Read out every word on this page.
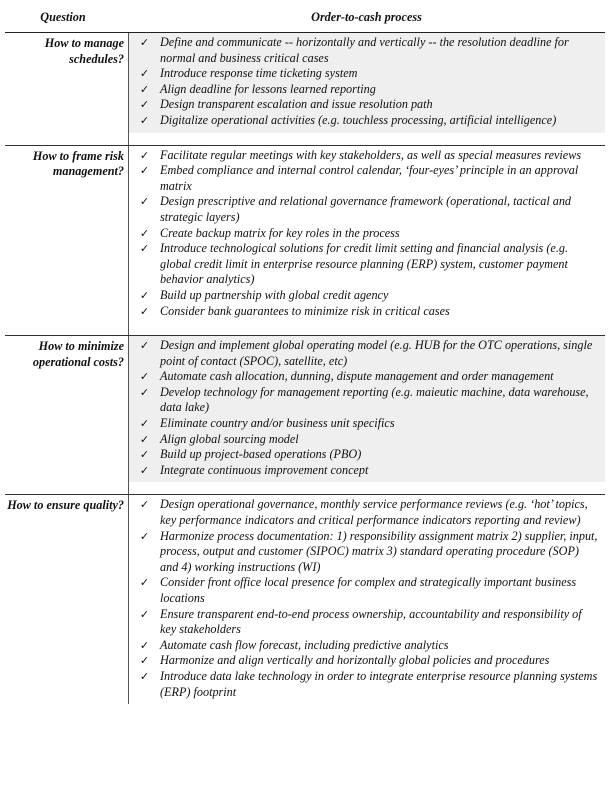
Question	Order-to-cash process
How to manage schedules?
✓ Define and communicate -- horizontally and vertically -- the resolution deadline for normal and business critical cases
✓ Introduce response time ticketing system
✓ Align deadline for lessons learned reporting
✓ Design transparent escalation and issue resolution path
✓ Digitalize operational activities (e.g. touchless processing, artificial intelligence)
How to frame risk management?
✓ Facilitate regular meetings with key stakeholders, as well as special measures reviews
✓ Embed compliance and internal control calendar, ‘four-eyes’ principle in an approval matrix
✓ Design prescriptive and relational governance framework (operational, tactical and strategic layers)
✓ Create backup matrix for key roles in the process
✓ Introduce technological solutions for credit limit setting and financial analysis (e.g. global credit limit in enterprise resource planning (ERP) system, customer payment behavior analytics)
✓ Build up partnership with global credit agency
✓ Consider bank guarantees to minimize risk in critical cases
How to minimize operational costs?
✓ Design and implement global operating model (e.g. HUB for the OTC operations, single point of contact (SPOC), satellite, etc)
✓ Automate cash allocation, dunning, dispute management and order management
✓ Develop technology for management reporting (e.g. maieutic machine, data warehouse, data lake)
✓ Eliminate country and/or business unit specifics
✓ Align global sourcing model
✓ Build up project-based operations (PBO)
✓ Integrate continuous improvement concept
How to ensure quality?	✓ Design operational governance, monthly service performance reviews (e.g. ‘hot’ topics, key performance indicators and critical performance indicators reporting and review)
✓ Harmonize process documentation: 1) responsibility assignment matrix 2) supplier, input, process, output and customer (SIPOC) matrix 3) standard operating procedure (SOP) and 4) working instructions (WI)
✓ Consider front office local presence for complex and strategically important business locations
✓ Ensure transparent end-to-end process ownership, accountability and responsibility of key stakeholders
✓ Automate cash flow forecast, including predictive analytics
✓ Harmonize and align vertically and horizontally global policies and procedures
✓ Introduce data lake technology in order to integrate enterprise resource planning systems (ERP) footprint
